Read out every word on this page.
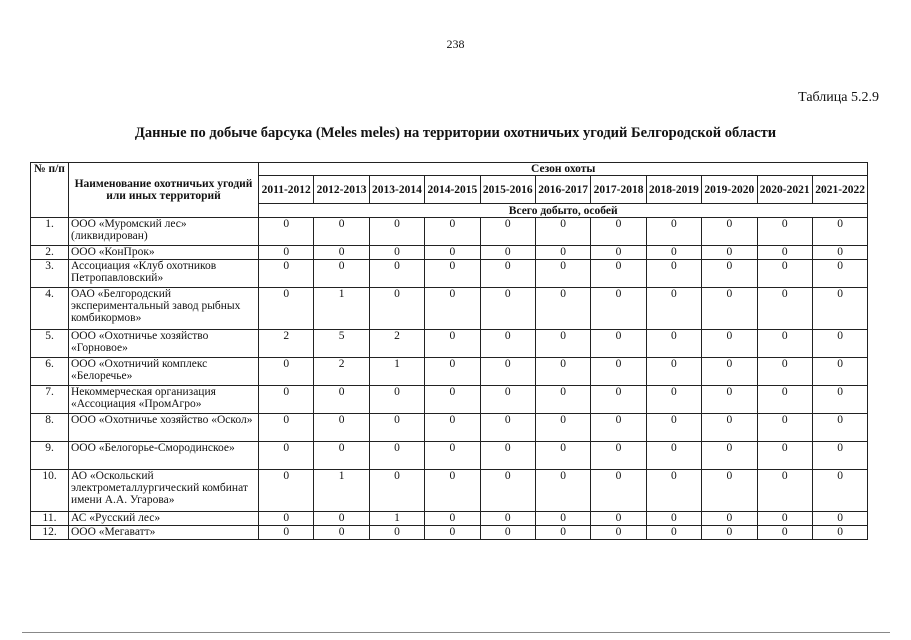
238
Таблица 5.2.9
Данные по добыче барсука (Meles meles) на территории охотничьих угодий Белгородской области
№ п/п	Наименование охотничьих угодий или иных территорий	Сезон охоты										
		2011-2012	2012-2013	2013-2014	2014-2015	2015-2016	2016-2017	2017-2018	2018-2019	2019-2020	2020-2021	2021-2022
		Всего добыто, особей										
1.	ООО «Муромский лес» (ликвидирован)	0	0	0	0	0	0	0	0	0	0	0
2.	ООО «КонПрок»	0	0	0	0	0	0	0	0	0	0	0
3.	Ассоциация «Клуб охотников Петропавловский»	0	0	0	0	0	0	0	0	0	0	0
4.	ОАО «Белгородский экспериментальный завод рыбных комбикормов»	0	1	0	0	0	0	0	0	0	0	0
5.	ООО «Охотничье хозяйство «Горновое»	2	5	2	0	0	0	0	0	0	0	0
6.	ООО «Охотничий комплекс «Белоречье»	0	2	1	0	0	0	0	0	0	0	0
7.	Некоммерческая организация «Ассоциация «ПромАгро»	0	0	0	0	0	0	0	0	0	0	0
8.	ООО «Охотничье хозяйство «Оскол»	0	0	0	0	0	0	0	0	0	0	0
9.	ООО «Белогорье-Смородинское»	0	0	0	0	0	0	0	0	0	0	0
10.	АО «Оскольский электрометаллургический комбинат имени А.А. Угарова»	0	1	0	0	0	0	0	0	0	0	0
11.	АС «Русский лес»	0	0	1	0	0	0	0	0	0	0	0
12.	ООО «Мегаватт»	0	0	0	0	0	0	0	0	0	0	0
